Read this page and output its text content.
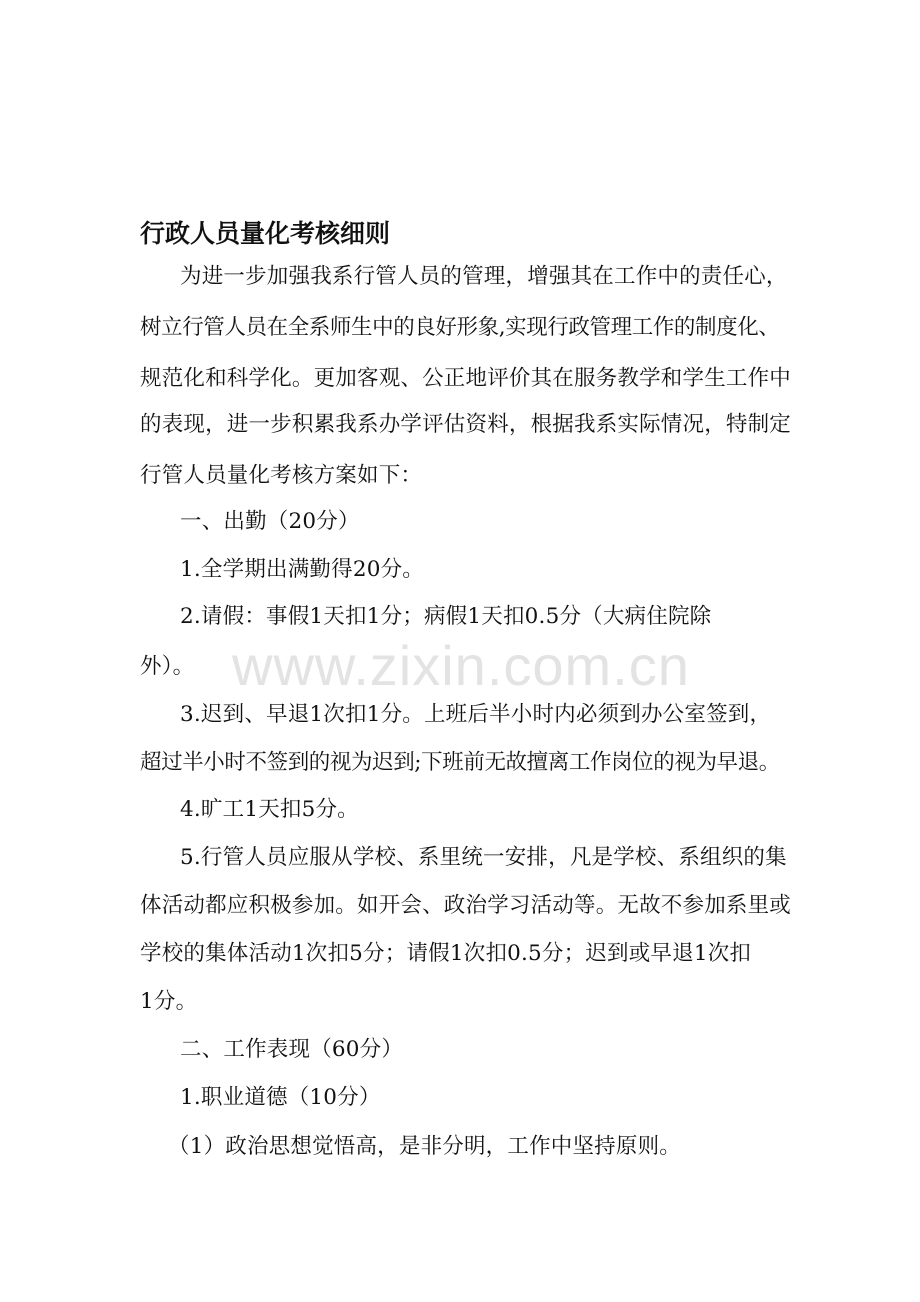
www.zixin.com.cn
行政人员量化考核细则
为进一步加强我系行管人员的管理，增强其在工作中的责任心，
树立行管人员在全系师生中的良好形象,实现行政管理工作的制度化、
规范化和科学化。更加客观、公正地评价其在服务教学和学生工作中
的表现，进一步积累我系办学评估资料，根据我系实际情况，特制定
行管人员量化考核方案如下：
一、出勤（20分）
1.全学期出满勤得20分。
2.请假：事假1天扣1分；病假1天扣0.5分（大病住院除
外）。
3.迟到、早退1次扣1分。上班后半小时内必须到办公室签到，
超过半小时不签到的视为迟到;下班前无故擅离工作岗位的视为早退。
4.旷工1天扣5分。
5.行管人员应服从学校、系里统一安排，凡是学校、系组织的集
体活动都应积极参加。如开会、政治学习活动等。无故不参加系里或
学校的集体活动1次扣5分；请假1次扣0.5分；迟到或早退1次扣
1分。
二、工作表现（60分）
1.职业道德（10分）
（1）政治思想觉悟高，是非分明，工作中坚持原则。
